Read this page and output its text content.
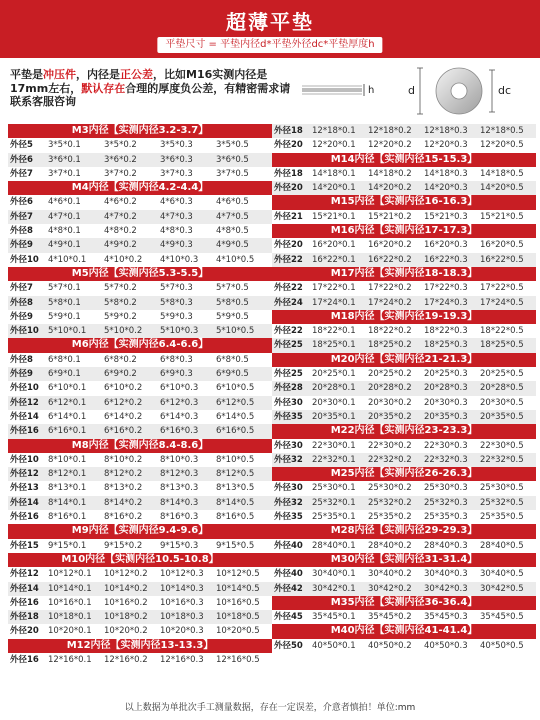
超薄平垫
平垫尺寸 = 平垫内径d*平垫外径dc*平垫厚度h
平垫是冲压件，内径是正公差，比如M16实测内径是17mm左右，默认存在合理的厚度负公差，有精密需求请联系客服咨询
h	d	dc
M3内径【实测内径3.2-3.7】
外径5	3*5*0.1	3*5*0.2	3*5*0.3	3*5*0.5
外径6	3*6*0.1	3*6*0.2	3*6*0.3	3*6*0.5
外径7	3*7*0.1	3*7*0.2	3*7*0.3	3*7*0.5
M4内径【实测内径4.2-4.4】
外径6	4*6*0.1	4*6*0.2	4*6*0.3	4*6*0.5
外径7	4*7*0.1	4*7*0.2	4*7*0.3	4*7*0.5
外径8	4*8*0.1	4*8*0.2	4*8*0.3	4*8*0.5
外径9	4*9*0.1	4*9*0.2	4*9*0.3	4*9*0.5
外径10	4*10*0.1	4*10*0.2	4*10*0.3	4*10*0.5
M5内径【实测内径5.3-5.5】
外径7	5*7*0.1	5*7*0.2	5*7*0.3	5*7*0.5
外径8	5*8*0.1	5*8*0.2	5*8*0.3	5*8*0.5
外径9	5*9*0.1	5*9*0.2	5*9*0.3	5*9*0.5
外径10	5*10*0.1	5*10*0.2	5*10*0.3	5*10*0.5
M6内径【实测内径6.4-6.6】
外径8	6*8*0.1	6*8*0.2	6*8*0.3	6*8*0.5
外径9	6*9*0.1	6*9*0.2	6*9*0.3	6*9*0.5
外径10	6*10*0.1	6*10*0.2	6*10*0.3	6*10*0.5
外径12	6*12*0.1	6*12*0.2	6*12*0.3	6*12*0.5
外径14	6*14*0.1	6*14*0.2	6*14*0.3	6*14*0.5
外径16	6*16*0.1	6*16*0.2	6*16*0.3	6*16*0.5
M8内径【实测内径8.4-8.6】
外径10	8*10*0.1	8*10*0.2	8*10*0.3	8*10*0.5
外径12	8*12*0.1	8*12*0.2	8*12*0.3	8*12*0.5
外径13	8*13*0.1	8*13*0.2	8*13*0.3	8*13*0.5
外径14	8*14*0.1	8*14*0.2	8*14*0.3	8*14*0.5
外径16	8*16*0.1	8*16*0.2	8*16*0.3	8*16*0.5
M9内径【实测内径9.4-9.6】
外径15	9*15*0.1	9*15*0.2	9*15*0.3	9*15*0.5
M10内径【实测内径10.5-10.8】
外径12	10*12*0.1	10*12*0.2	10*12*0.3	10*12*0.5
外径14	10*14*0.1	10*14*0.2	10*14*0.3	10*14*0.5
外径16	10*16*0.1	10*16*0.2	10*16*0.3	10*16*0.5
外径18	10*18*0.1	10*18*0.2	10*18*0.3	10*18*0.5
外径20	10*20*0.1	10*20*0.2	10*20*0.3	10*20*0.5
M12内径【实测内径13-13.3】
外径16	12*16*0.1	12*16*0.2	12*16*0.3	12*16*0.5
外径18	12*18*0.1	12*18*0.2	12*18*0.3	12*18*0.5
外径20	12*20*0.1	12*20*0.2	12*20*0.3	12*20*0.5
M14内径【实测内径15-15.3】
外径18	14*18*0.1	14*18*0.2	14*18*0.3	14*18*0.5
外径20	14*20*0.1	14*20*0.2	14*20*0.3	14*20*0.5
M15内径【实测内径16-16.3】
外径21	15*21*0.1	15*21*0.2	15*21*0.3	15*21*0.5
M16内径【实测内径17-17.3】
外径20	16*20*0.1	16*20*0.2	16*20*0.3	16*20*0.5
外径22	16*22*0.1	16*22*0.2	16*22*0.3	16*22*0.5
M17内径【实测内径18-18.3】
外径22	17*22*0.1	17*22*0.2	17*22*0.3	17*22*0.5
外径24	17*24*0.1	17*24*0.2	17*24*0.3	17*24*0.5
M18内径【实测内径19-19.3】
外径22	18*22*0.1	18*22*0.2	18*22*0.3	18*22*0.5
外径25	18*25*0.1	18*25*0.2	18*25*0.3	18*25*0.5
M20内径【实测内径21-21.3】
外径25	20*25*0.1	20*25*0.2	20*25*0.3	20*25*0.5
外径28	20*28*0.1	20*28*0.2	20*28*0.3	20*28*0.5
外径30	20*30*0.1	20*30*0.2	20*30*0.3	20*30*0.5
外径35	20*35*0.1	20*35*0.2	20*35*0.3	20*35*0.5
M22内径【实测内径23-23.3】
外径30	22*30*0.1	22*30*0.2	22*30*0.3	22*30*0.5
外径32	22*32*0.1	22*32*0.2	22*32*0.3	22*32*0.5
M25内径【实测内径26-26.3】
外径30	25*30*0.1	25*30*0.2	25*30*0.3	25*30*0.5
外径32	25*32*0.1	25*32*0.2	25*32*0.3	25*32*0.5
外径35	25*35*0.1	25*35*0.2	25*35*0.3	25*35*0.5
M28内径【实测内径29-29.3】
外径40	28*40*0.1	28*40*0.2	28*40*0.3	28*40*0.5
M30内径【实测内径31-31.4】
外径40	30*40*0.1	30*40*0.2	30*40*0.3	30*40*0.5
外径42	30*42*0.1	30*42*0.2	30*42*0.3	30*42*0.5
M35内径【实测内径36-36.4】
外径45	35*45*0.1	35*45*0.2	35*45*0.3	35*45*0.5
M40内径【实测内径41-41.4】
外径50	40*50*0.1	40*50*0.2	40*50*0.3	40*50*0.5
以上数据为单批次手工测量数据，存在一定误差，介意者慎拍！单位:mm
